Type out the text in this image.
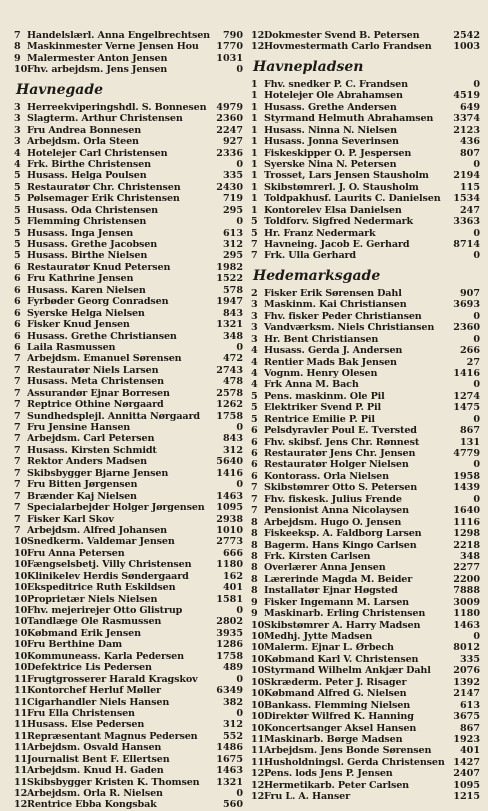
7 Handelslærl. Anna Engelbrechtsen	790
8 Maskinmester Verne Jensen Hou	1770
9 Malermester Anton Jensen	1031
10 Fhv. arbejdsm. Jens Jensen	0
Havnegade
3 Herreekviperingshdl. S. Bonnesen	4979
3 Slagterm. Arthur Christensen	2360
3 Fru Andrea Bonnesen	2247
3 Arbejdsm. Orla Steen	927
4 Hotelejer Carl Christensen	2336
4 Frk. Birthe Christensen	0
5 Husass. Helga Poulsen	335
5 Restauratør Chr. Christensen	2430
5 Pølsemager Erik Christensen	719
5 Husass. Oda Christensen	295
5 Flemming Christensen	0
5 Husass. Inga Jensen	613
5 Husass. Grethe Jacobsen	312
5 Husass. Birthe Nielsen	295
6 Restauratør Knud Petersen	1982
6 Fru Kathrine Jensen	1522
6 Husass. Karen Nielsen	578
6 Fyrbøder Georg Conradsen	1947
6 Syerske Helga Nielsen	843
6 Fisker Knud Jensen	1321
6 Husass. Grethe Christiansen	348
6 Laila Rasmussen	0
7 Arbejdsm. Emanuel Sørensen	472
7 Restauratør Niels Larsen	2743
7 Husass. Meta Christensen	478
7 Assurandør Ejnar Borresen	2578
7 Reptrice Othine Nørgaard	1262
7 Sundhedsplejl. Annitta Nørgaard	1758
7 Fru Jensine Hansen	0
7 Arbejdsm. Carl Petersen	843
7 Husass. Kirsten Schmidt	312
7 Rektor Anders Madsen	5640
7 Skibsbygger Bjarne Jensen	1416
7 Fru Bitten Jørgensen	0
7 Brænder Kaj Nielsen	1463
7 Specialarbejder Holger Jørgensen	1095
7 Fisker Karl Skov	2938
7 Arbejdsm. Alfred Johansen	1010
10 Snedkerm. Valdemar Jensen	2773
10 Fru Anna Petersen	666
10 Fængselsbetj. Villy Christensen	1180
10 Klinikelev Herdis Søndergaard	162
10 Ekspeditrice Ruth Eskildsen	401
10 Proprietær Niels Nielsen	1581
10 Fhv. mejerirejer Otto Glistrup	0
10 Tandlæge Ole Rasmussen	2802
10 Købmand Erik Jensen	3935
10 Fru Berthine Dam	1286
10 Kommuneass. Karla Pedersen	1758
10 Defektrice Lis Pedersen	489
11 Frugtgrosserer Harald Kragskov	0
11 Kontorchef Herluf Møller	6349
11 Cigarhandler Niels Hansen	382
11 Fru Ella Christensen	0
11 Husass. Else Pedersen	312
11 Repræsentant Magnus Pedersen	552
11 Arbejdsm. Osvald Hansen	1486
11 Journalist Bent F. Ellertsen	1675
11 Arbejdsm. Knud H. Gaden	1463
11 Skibsbygger Kristen K. Thomsen	1321
12 Arbejdsm. Orla R. Nielsen	0
12 Rentrice Ebba Kongsbak	560
12 Dokmester Svend B. Petersen	2542
12 Hovmestermath Carlo Frandsen	1003
Havnepladsen
1 Fhv. snedker P. C. Frandsen	0
1 Hotelejer Ole Abrahamsen	4519
1 Husass. Grethe Andersen	649
1 Styrmand Helmuth Abrahamsen	3374
1 Husass. Ninna N. Nielsen	2123
1 Husass. Jonna Severinsen	436
1 Fiskeskipper O. P. Jespersen	807
1 Syerske Nina N. Petersen	0
1 Trosset, Lars Jensen Stausholm	2194
1 Skibstømrerl. J. O. Stausholm	115
1 Toldpakhusf. Laurits C. Danielsen	1534
1 Kontorelev Elsa Danielsen	247
5 Toldforv. Sigfred Nedermark	3363
5 Hr. Franz Nedermark	0
7 Havneing. Jacob E. Gerhard	8714
7 Frk. Ulla Gerhard	0
Hedemarksgade
2 Fisker Erik Sørensen Dahl	907
3 Maskinm. Kai Christiansen	3693
3 Fhv. fisker Peder Christiansen	0
3 Vandværksm. Niels Christiansen	2360
3 Hr. Bent Christiansen	0
4 Husass. Gerda J. Andersen	266
4 Rentier Mads Bak Jensen	27
4 Vognm. Henry Olesen	1416
4 Frk Anna M. Bach	0
5 Pens. maskinm. Ole Pil	1274
5 Elektriker Svend P. Pil	1475
5 Rentrice Emilie P. Pil	0
6 Pelsdyravler Poul E. Tversted	867
6 Fhv. skibsf. Jens Chr. Rønnest	131
6 Restauratør Jens Chr. Jensen	4779
6 Restauratør Holger Nielsen	0
6 Kontorass. Orla Nielsen	1958
7 Skibstømrer Otto S. Petersen	1439
7 Fhv. fiskesk. Julius Frende	0
7 Pensionist Anna Nicolaysen	1640
8 Arbejdsm. Hugo O. Jensen	1116
8 Fiskeeksp. A. Faldborg Larsen	1298
8 Bagerm. Hans Kingo Carlsen	2218
8 Frk. Kirsten Carlsen	348
8 Overlærer Anna Jensen	2277
8 Lærerinde Magda M. Beider	2200
8 Installatør Ejnar Høgsted	7888
9 Fisker Ingemann M. Larsen	3009
9 Maskinarb. Erling Christensen	1180
10 Skibstømrer A. Harry Madsen	1463
10 Medhj. Jytte Madsen	0
10 Malerm. Ejnar L. Ørbech	8012
10 Købmand Karl V. Christensen	335
10 Styrmand Wilhelm Ankjær Dahl	2076
10 Skræderm. Peter J. Risager	1392
10 Købmand Alfred G. Nielsen	2147
10 Bankass. Flemming Nielsen	613
10 Direktør Wilfred K. Hanning	3675
10 Koncertsanger Aksel Hansen	867
11 Maskinarb. Børge Madsen	1923
11 Arbejdsm. Jens Bonde Sørensen	401
11 Husholdningsl. Gerda Christensen 1427
12 Pens. lods Jens P. Jensen	2407
12 Hermetikarb. Peter Carlsen	1095
12 Fru L. A. Hanser	1215
